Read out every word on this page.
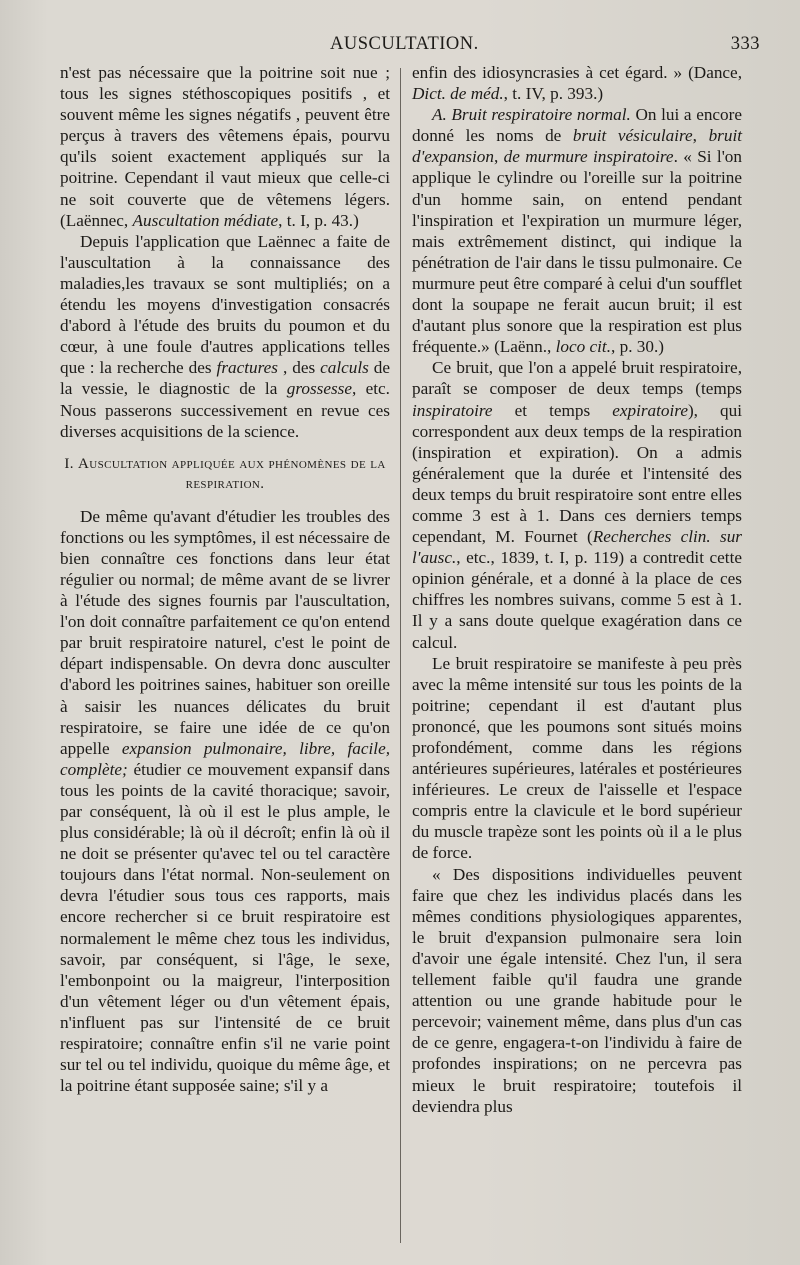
AUSCULTATION.	333

n'est pas nécessaire que la poitrine soit nue ; tous les signes stéthoscopiques positifs , et souvent même les signes négatifs , peuvent être perçus à travers des vêtemens épais, pourvu qu'ils soient exactement appliqués sur la poitrine. Cependant il vaut mieux que celle-ci ne soit couverte que de vêtemens légers. (Laënnec, Auscultation médiate, t. I, p. 43.)

Depuis l'application que Laënnec a faite de l'auscultation à la connaissance des maladies,les travaux se sont multipliés; on a étendu les moyens d'investigation consacrés d'abord à l'étude des bruits du poumon et du cœur, à une foule d'autres applications telles que : la recherche des fractures , des calculs de la vessie, le diagnostic de la grossesse, etc. Nous passerons successivement en revue ces diverses acquisitions de la science.

I. Auscultation appliquée aux phénomènes de la respiration.

De même qu'avant d'étudier les troubles des fonctions ou les symptômes, il est nécessaire de bien connaître ces fonctions dans leur état régulier ou normal; de même avant de se livrer à l'étude des signes fournis par l'auscultation, l'on doit connaître parfaitement ce qu'on entend par bruit respiratoire naturel, c'est le point de départ indispensable. On devra donc ausculter d'abord les poitrines saines, habituer son oreille à saisir les nuances délicates du bruit respiratoire, se faire une idée de ce qu'on appelle expansion pulmonaire, libre, facile, complète; étudier ce mouvement expansif dans tous les points de la cavité thoracique; savoir, par conséquent, là où il est le plus ample, le plus considérable; là où il décroît; enfin là où il ne doit se présenter qu'avec tel ou tel caractère toujours dans l'état normal. Non-seulement on devra l'étudier sous tous ces rapports, mais encore rechercher si ce bruit respiratoire est normalement le même chez tous les individus, savoir, par conséquent, si l'âge, le sexe, l'embonpoint ou la maigreur, l'interposition d'un vêtement léger ou d'un vêtement épais, n'influent pas sur l'intensité de ce bruit respiratoire; connaître enfin s'il ne varie point sur tel ou tel individu, quoique du même âge, et la poitrine étant supposée saine; s'il y a

enfin des idiosyncrasies à cet égard. » (Dance, Dict. de méd., t. IV, p. 393.)

A. Bruit respiratoire normal. On lui a encore donné les noms de bruit vésiculaire, bruit d'expansion, de murmure inspiratoire. « Si l'on applique le cylindre ou l'oreille sur la poitrine d'un homme sain, on entend pendant l'inspiration et l'expiration un murmure léger, mais extrêmement distinct, qui indique la pénétration de l'air dans le tissu pulmonaire. Ce murmure peut être comparé à celui d'un soufflet dont la soupape ne ferait aucun bruit; il est d'autant plus sonore que la respiration est plus fréquente.» (Laënn., loco cit., p. 30.)

Ce bruit, que l'on a appelé bruit respiratoire, paraît se composer de deux temps (temps inspiratoire et temps expiratoire), qui correspondent aux deux temps de la respiration (inspiration et expiration). On a admis généralement que la durée et l'intensité des deux temps du bruit respiratoire sont entre elles comme 3 est à 1. Dans ces derniers temps cependant, M. Fournet (Recherches clin. sur l'ausc., etc., 1839, t. I, p. 119) a contredit cette opinion générale, et a donné à la place de ces chiffres les nombres suivans, comme 5 est à 1. Il y a sans doute quelque exagération dans ce calcul.

Le bruit respiratoire se manifeste à peu près avec la même intensité sur tous les points de la poitrine; cependant il est d'autant plus prononcé, que les poumons sont situés moins profondément, comme dans les régions antérieures supérieures, latérales et postérieures inférieures. Le creux de l'aisselle et l'espace compris entre la clavicule et le bord supérieur du muscle trapèze sont les points où il a le plus de force.

« Des dispositions individuelles peuvent faire que chez les individus placés dans les mêmes conditions physiologiques apparentes, le bruit d'expansion pulmonaire sera loin d'avoir une égale intensité. Chez l'un, il sera tellement faible qu'il faudra une grande attention ou une grande habitude pour le percevoir; vainement même, dans plus d'un cas de ce genre, engagera-t-on l'individu à faire de profondes inspirations; on ne percevra pas mieux le bruit respiratoire; toutefois il deviendra plus
